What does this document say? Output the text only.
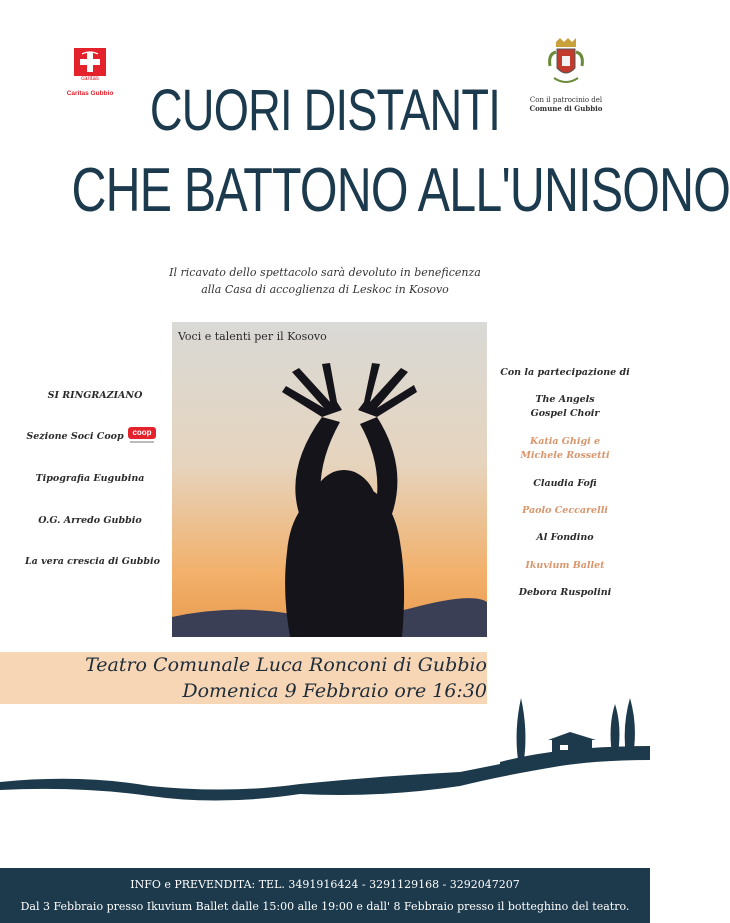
caritas
Caritas Gubbio
Con il patrocinio del
Comune di Gubbio
CUORI DISTANTI
CHE BATTONO ALL'UNISONO
Il ricavato dello spettacolo sarà devoluto in beneficenza
alla Casa di accoglienza di Leskoc in Kosovo
Voci e talenti per il Kosovo
SI RINGRAZIANO
Sezione Soci Coop	coop
Tipografia Eugubina
O.G. Arredo Gubbio
La vera crescia di Gubbio
Con la partecipazione di
The Angels
Gospel Choir
Katia Ghigi e
Michele Rossetti
Claudia Fofi
Paolo Ceccarelli
Al Fondino
Ikuvium Ballet
Debora Ruspolini
Teatro Comunale Luca Ronconi di Gubbio
Domenica 9 Febbraio ore 16:30
INFO e PREVENDITA: TEL. 3491916424 - 3291129168 - 3292047207
Dal 3 Febbraio presso Ikuvium Ballet dalle 15:00 alle 19:00 e dall' 8 Febbraio presso il botteghino del teatro.
